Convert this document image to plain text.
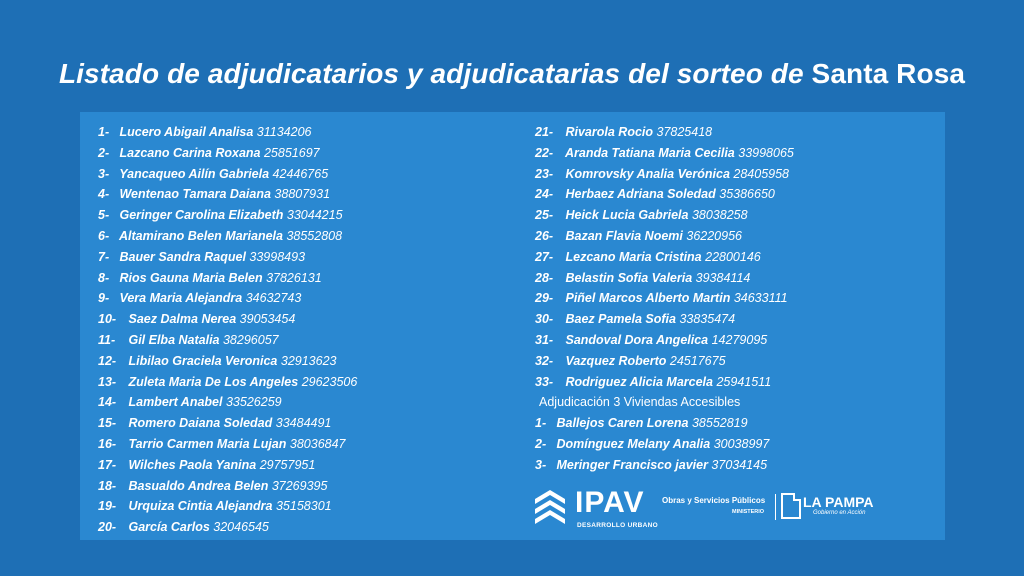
Listado de adjudicatarios y adjudicatarias del sorteo de Santa Rosa
1- Lucero Abigail Analisa 31134206
2- Lazcano Carina Roxana 25851697
3- Yancaqueo Ailín Gabriela 42446765
4- Wentenao Tamara Daiana 38807931
5- Geringer Carolina Elizabeth 33044215
6- Altamirano Belen Marianela 38552808
7- Bauer Sandra Raquel 33998493
8- Rios Gauna Maria Belen 37826131
9- Vera Maria Alejandra 34632743
10- Saez Dalma Nerea 39053454
11- Gil Elba Natalia 38296057
12- Libilao Graciela Veronica 32913623
13- Zuleta Maria De Los Angeles 29623506
14- Lambert Anabel 33526259
15- Romero Daiana Soledad 33484491
16- Tarrio Carmen Maria Lujan 38036847
17- Wilches Paola Yanina 29757951
18- Basualdo Andrea Belen 37269395
19- Urquiza Cintia Alejandra 35158301
20- García Carlos 32046545
21- Rivarola Rocio 37825418
22- Aranda Tatiana Maria Cecilia 33998065
23- Komrovsky Analia Verónica 28405958
24- Herbaez Adriana Soledad 35386650
25- Heick Lucia Gabriela 38038258
26- Bazan Flavia Noemi 36220956
27- Lezcano Maria Cristina 22800146
28- Belastin Sofia Valeria 39384114
29- Piñel Marcos Alberto Martin 34633111
30- Baez Pamela Sofia 33835474
31- Sandoval Dora Angelica 14279095
32- Vazquez Roberto 24517675
33- Rodriguez Alicia Marcela 25941511
Adjudicación 3 Viviendas Accesibles
1- Ballejos Caren Lorena 38552819
2- Domínguez Melany Analia 30038997
3- Meringer Francisco javier 37034145
IPAV
DESARROLLO URBANO
Obras y Servicios Públicos
MINISTERIO
LA PAMPA
Gobierno en Acción
